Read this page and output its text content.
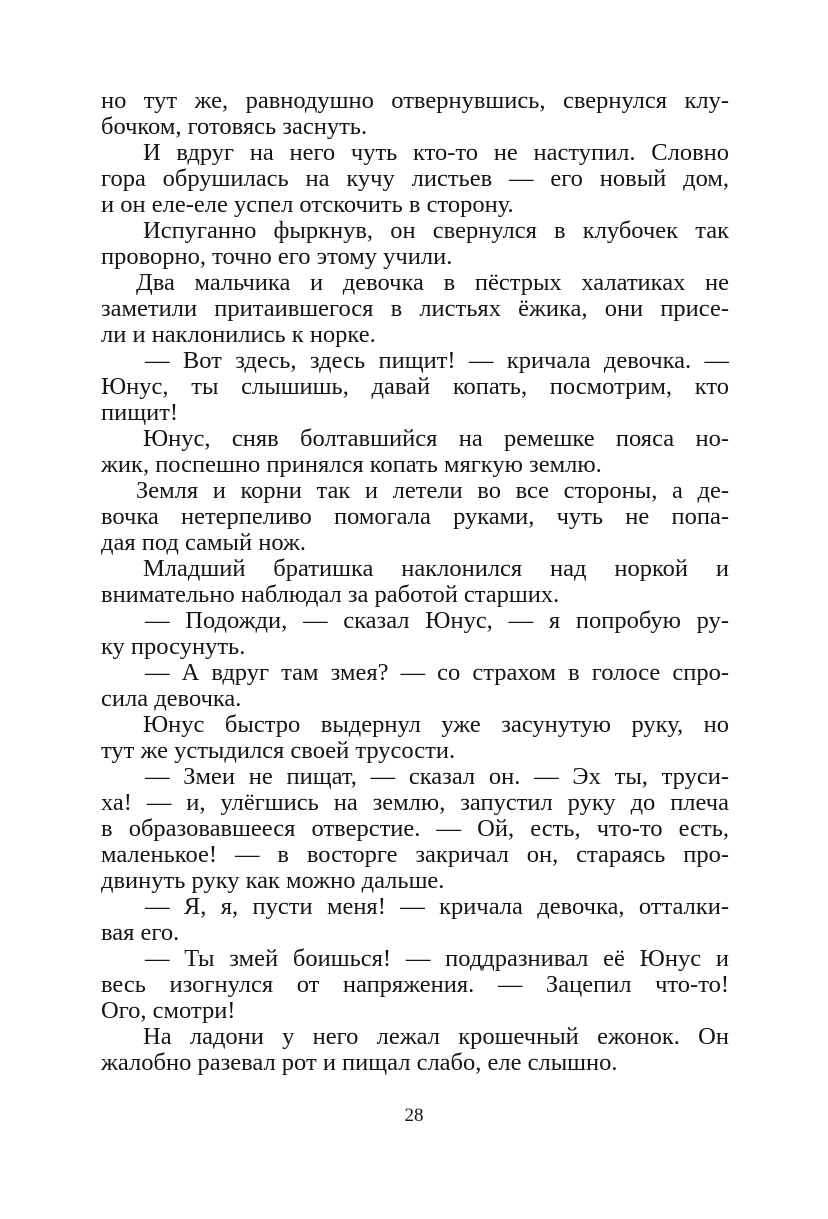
но тут же, равнодушно отвернувшись, свернулся клу-
бочком, готовясь заснуть.
И вдруг на него чуть кто-то не наступил. Словно
гора обрушилась на кучу листьев — его новый дом,
и он еле-еле успел отскочить в сторону.
Испуганно фыркнув, он свернулся в клубочек так
проворно, точно его этому учили.
Два мальчика и девочка в пёстрых халатиках не
заметили притаившегося в листьях ёжика, они присе-
ли и наклонились к норке.
— Вот здесь, здесь пищит! — кричала девочка. —
Юнус, ты слышишь, давай копать, посмотрим, кто
пищит!
Юнус, сняв болтавшийся на ремешке пояса но-
жик, поспешно принялся копать мягкую землю.
Земля и корни так и летели во все стороны, а де-
вочка нетерпеливо помогала руками, чуть не попа-
дая под самый нож.
Младший братишка наклонился над норкой и
внимательно наблюдал за работой старших.
— Подожди, — сказал Юнус, — я попробую ру-
ку просунуть.
— А вдруг там змея? — со страхом в голосе спро-
сила девочка.
Юнус быстро выдернул уже засунутую руку, но
тут же устыдился своей трусости.
— Змеи не пищат, — сказал он. — Эх ты, труси-
ха! — и, улёгшись на землю, запустил руку до плеча
в образовавшееся отверстие. — Ой, есть, что-то есть,
маленькое! — в восторге закричал он, стараясь про-
двинуть руку как можно дальше.
— Я, я, пусти меня! — кричала девочка, отталки-
вая его.
— Ты змей боишься! — поддразнивал её Юнус и
весь изогнулся от напряжения. — Зацепил что-то!
Ого, смотри!
На ладони у него лежал крошечный ежонок. Он
жалобно разевал рот и пищал слабо, еле слышно.
28
